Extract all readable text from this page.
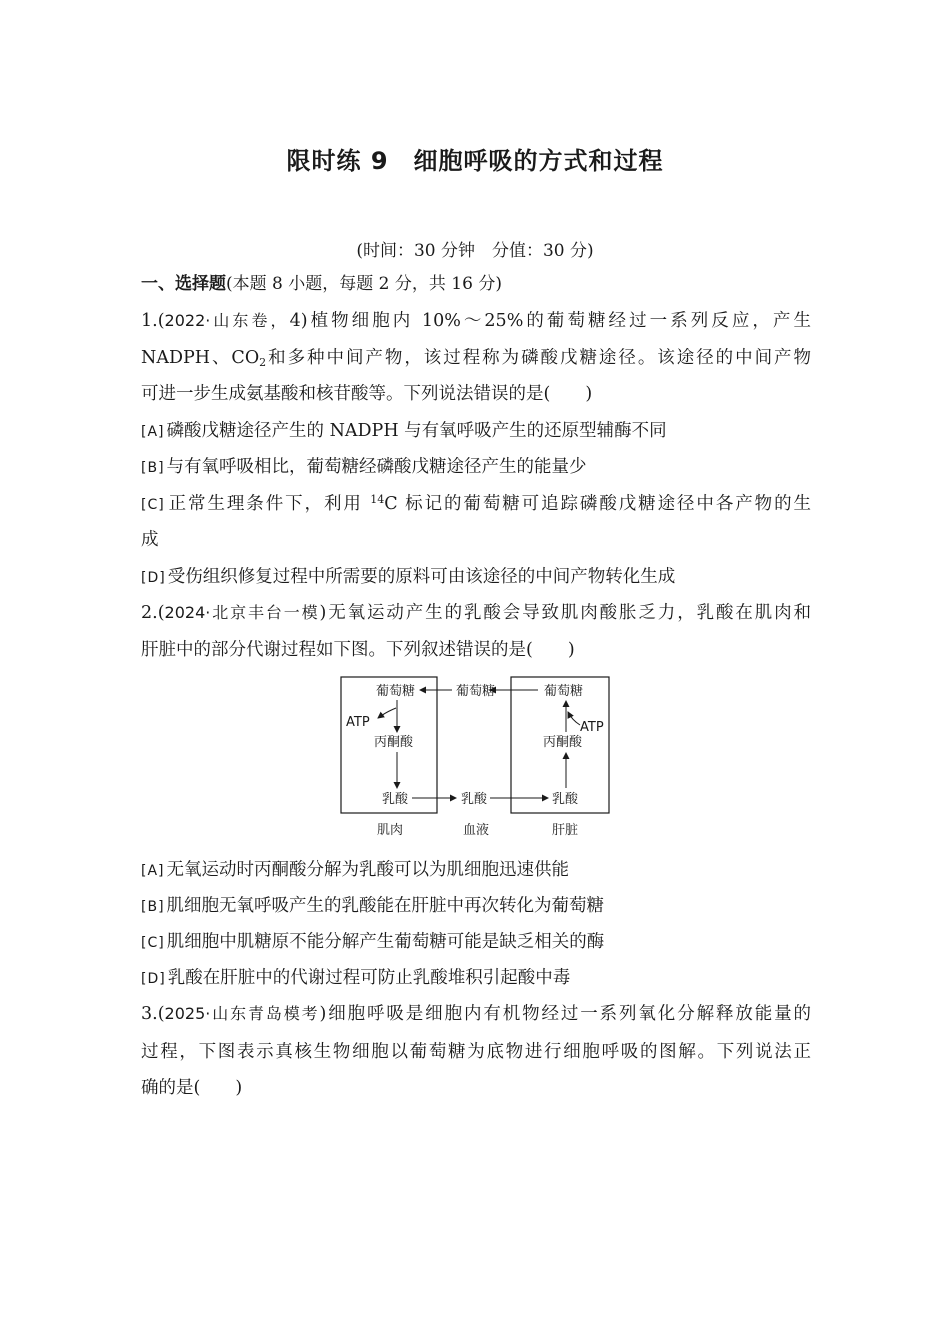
限时练 9　细胞呼吸的方式和过程
(时间：30 分钟　分值：30 分)
一、选择题(本题 8 小题，每题 2 分，共 16 分)
1.(2022·山东卷，4)植物细胞内 10%～25%的葡萄糖经过一系列反应，产生
NADPH、$CO_2$和多种中间产物，该过程称为磷酸戊糖途径。该途径的中间产物
可进一步生成氨基酸和核苷酸等。下列说法错误的是(　　)
[A] 磷酸戊糖途径产生的 NADPH 与有氧呼吸产生的还原型辅酶不同
[B] 与有氧呼吸相比，葡萄糖经磷酸戊糖途径产生的能量少
[C] 正常生理条件下，利用 $^{14}$C 标记的葡萄糖可追踪磷酸戊糖途径中各产物的生
成
[D] 受伤组织修复过程中所需要的原料可由该途径的中间产物转化生成
2.(2024·北京丰台一模)无氧运动产生的乳酸会导致肌肉酸胀乏力，乳酸在肌肉和
肝脏中的部分代谢过程如下图。下列叙述错误的是(　　)
葡萄糖
ATP
丙酮酸
乳酸
葡萄糖
乳酸
葡萄糖
ATP
丙酮酸
乳酸
肌肉	血液	肝脏
[A] 无氧运动时丙酮酸分解为乳酸可以为肌细胞迅速供能
[B] 肌细胞无氧呼吸产生的乳酸能在肝脏中再次转化为葡萄糖
[C] 肌细胞中肌糖原不能分解产生葡萄糖可能是缺乏相关的酶
[D] 乳酸在肝脏中的代谢过程可防止乳酸堆积引起酸中毒
3.(2025·山东青岛模考)细胞呼吸是细胞内有机物经过一系列氧化分解释放能量的
过程，下图表示真核生物细胞以葡萄糖为底物进行细胞呼吸的图解。下列说法正
确的是(　　)
